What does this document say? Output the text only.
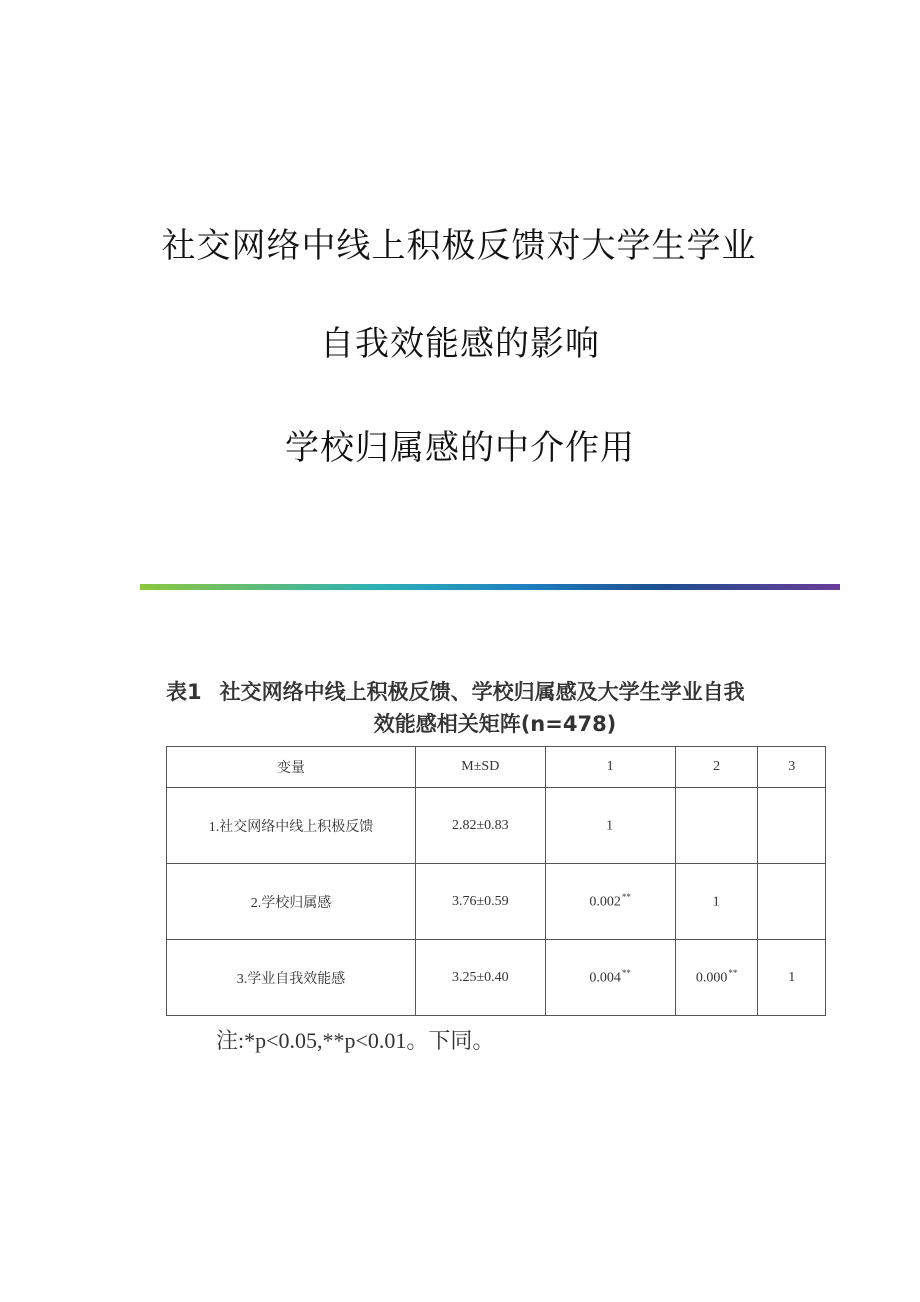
社交网络中线上积极反馈对大学生学业
自我效能感的影响
学校归属感的中介作用
表1 社交网络中线上积极反馈、学校归属感及大学生学业自我
效能感相关矩阵(n=478)
变量	M±SD	1	2	3
1.社交网络中线上积极反馈	2.82±0.83	1		
2.学校归属感	3.76±0.59	0.002**	1	
3.学业自我效能感	3.25±0.40	0.004**	0.000**	1
注:*p<0.05,**p<0.01。下同。
